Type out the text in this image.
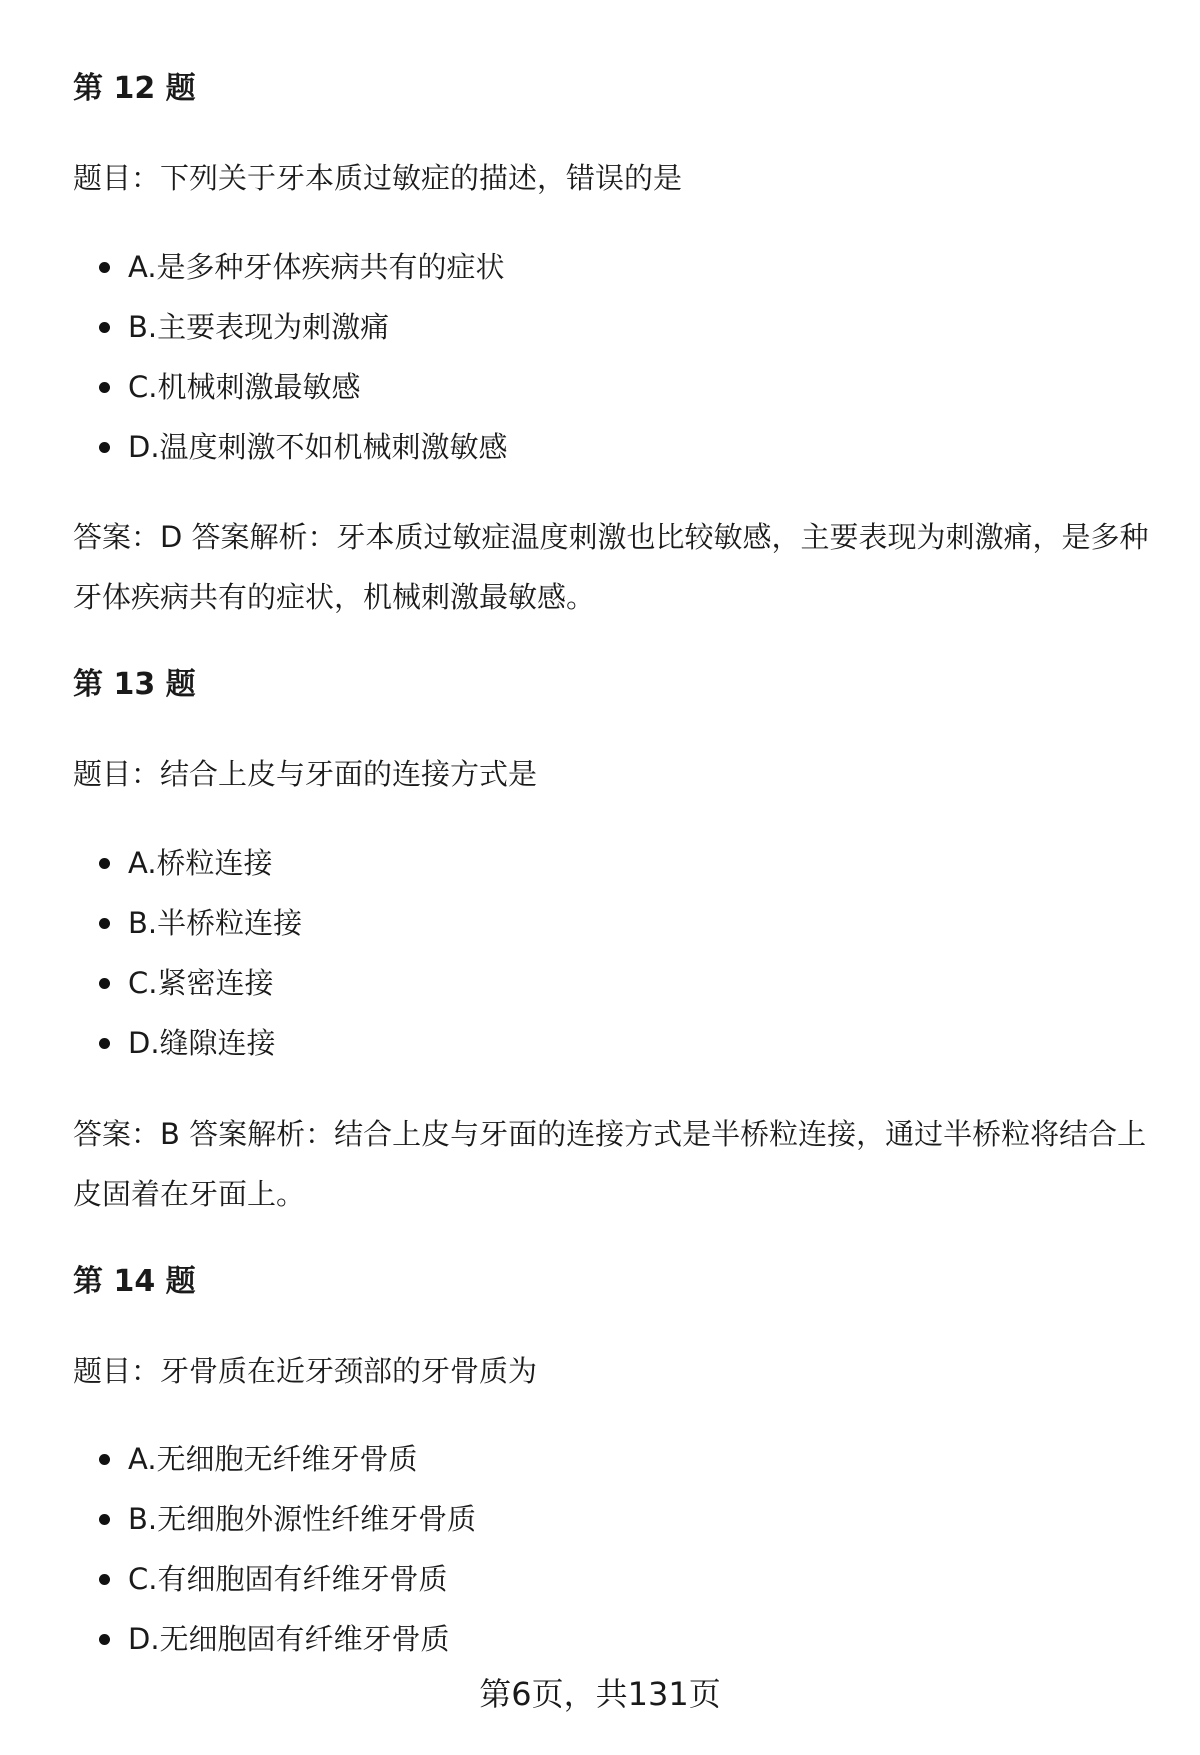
第 12 题

题目：下列关于牙本质过敏症的描述，错误的是

A.是多种牙体疾病共有的症状
B.主要表现为刺激痛
C.机械刺激最敏感
D.温度刺激不如机械刺激敏感

答案：D 答案解析：牙本质过敏症温度刺激也比较敏感，主要表现为刺激痛，是多种牙体疾病共有的症状，机械刺激最敏感。

第 13 题

题目：结合上皮与牙面的连接方式是

A.桥粒连接
B.半桥粒连接
C.紧密连接
D.缝隙连接

答案：B 答案解析：结合上皮与牙面的连接方式是半桥粒连接，通过半桥粒将结合上皮固着在牙面上。

第 14 题

题目：牙骨质在近牙颈部的牙骨质为

A.无细胞无纤维牙骨质
B.无细胞外源性纤维牙骨质
C.有细胞固有纤维牙骨质
D.无细胞固有纤维牙骨质

第6页，共131页
